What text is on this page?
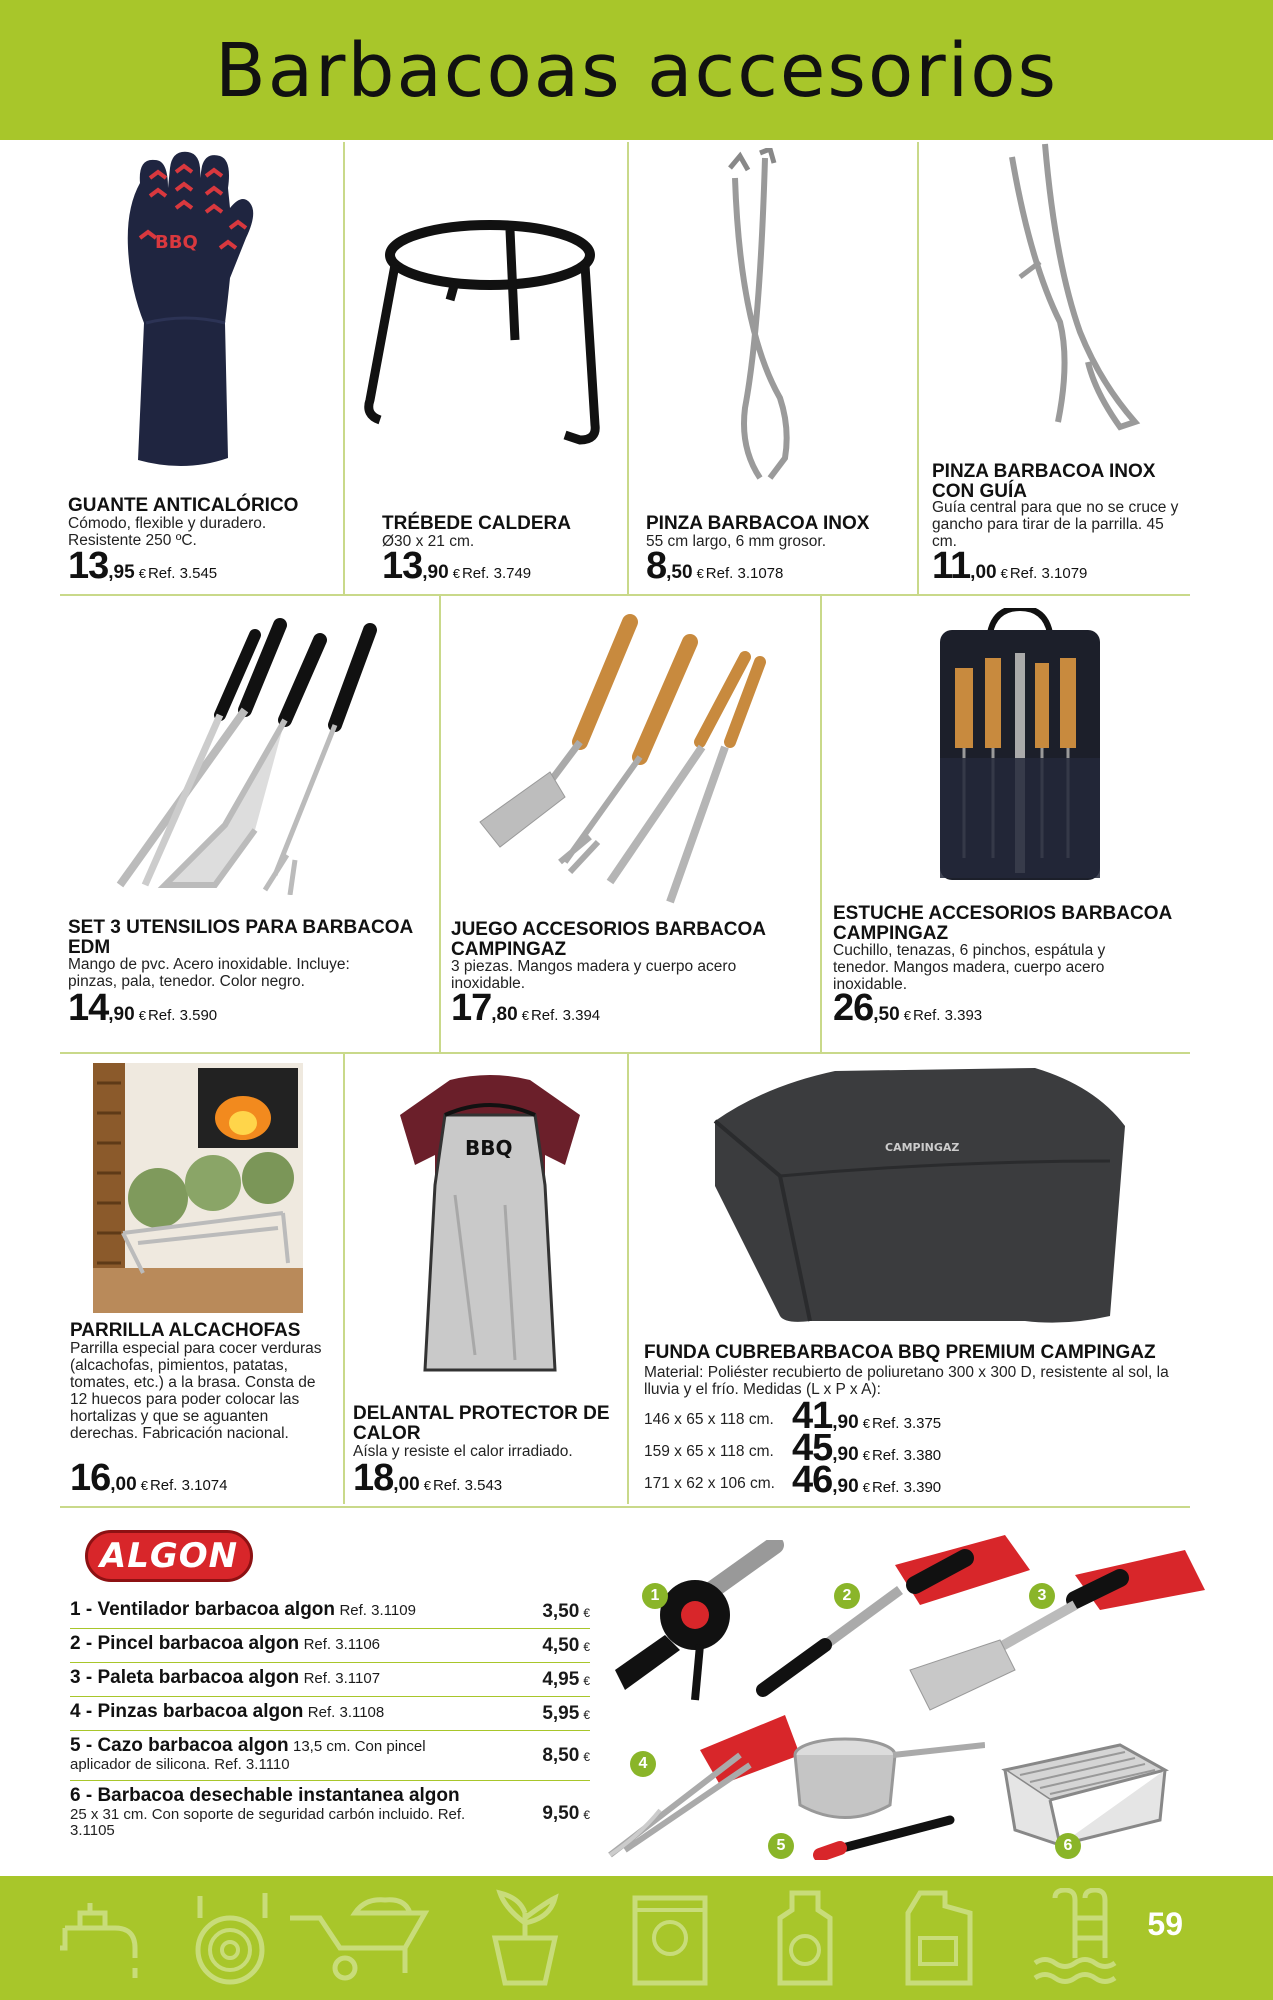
Barbacoas accesorios
BBQ
GUANTE ANTICALÓRICO
Cómodo, flexible y duradero. Resistente 250 ºC.
13,95 € Ref. 3.545
TRÉBEDE CALDERA
Ø30 x 21 cm.
13,90 € Ref. 3.749
PINZA BARBACOA INOX
55 cm largo, 6 mm grosor.
8,50 € Ref. 3.1078
PINZA BARBACOA INOX CON GUÍA
Guía central para que no se cruce y gancho para tirar de la parrilla. 45 cm.
11,00 € Ref. 3.1079
SET 3 UTENSILIOS PARA BARBACOA EDM
Mango de pvc. Acero inoxidable. Incluye: pinzas, pala, tenedor. Color negro.
14,90 € Ref. 3.590
JUEGO ACCESORIOS BARBACOA CAMPINGAZ
3 piezas. Mangos madera y cuerpo acero inoxidable.
17,80 € Ref. 3.394
ESTUCHE ACCESORIOS BARBACOA CAMPINGAZ
Cuchillo, tenazas, 6 pinchos, espátula y tenedor. Mangos madera, cuerpo acero inoxidable.
26,50 € Ref. 3.393
PARRILLA ALCACHOFAS
Parrilla especial para cocer verduras (alcachofas, pimientos, patatas, tomates, etc.) a la brasa. Consta de 12 huecos para poder colocar las hortalizas y que se aguanten derechas. Fabricación nacional.
16,00 € Ref. 3.1074
BBQ
DELANTAL PROTECTOR DE CALOR
Aísla y resiste el calor irradiado.
18,00 € Ref. 3.543
CAMPINGAZ
FUNDA CUBREBARBACOA BBQ PREMIUM CAMPINGAZ
Material: Poliéster recubierto de poliuretano 300 x 300 D, resistente al sol, la lluvia y el frío. Medidas (L x P x A):
146 x 65 x 118 cm. 41,90 € Ref. 3.375
159 x 65 x 118 cm. 45,90 € Ref. 3.380
171 x 62 x 106 cm. 46,90 € Ref. 3.390
ALGON
1 - Ventilador barbacoa algon Ref. 3.1109	3,50 €
2 - Pincel barbacoa algon Ref. 3.1106	4,50 €
3 - Paleta barbacoa algon Ref. 3.1107	4,95 €
4 - Pinzas barbacoa algon Ref. 3.1108	5,95 €
5 - Cazo barbacoa algon 13,5 cm. Con pincel
aplicador de silicona. Ref. 3.1110	8,50 €
6 - Barbacoa desechable instantanea algon
25 x 31 cm. Con soporte de seguridad carbón incluido. Ref. 3.1105
9,50 €
1	2	3
4
5	6
59
